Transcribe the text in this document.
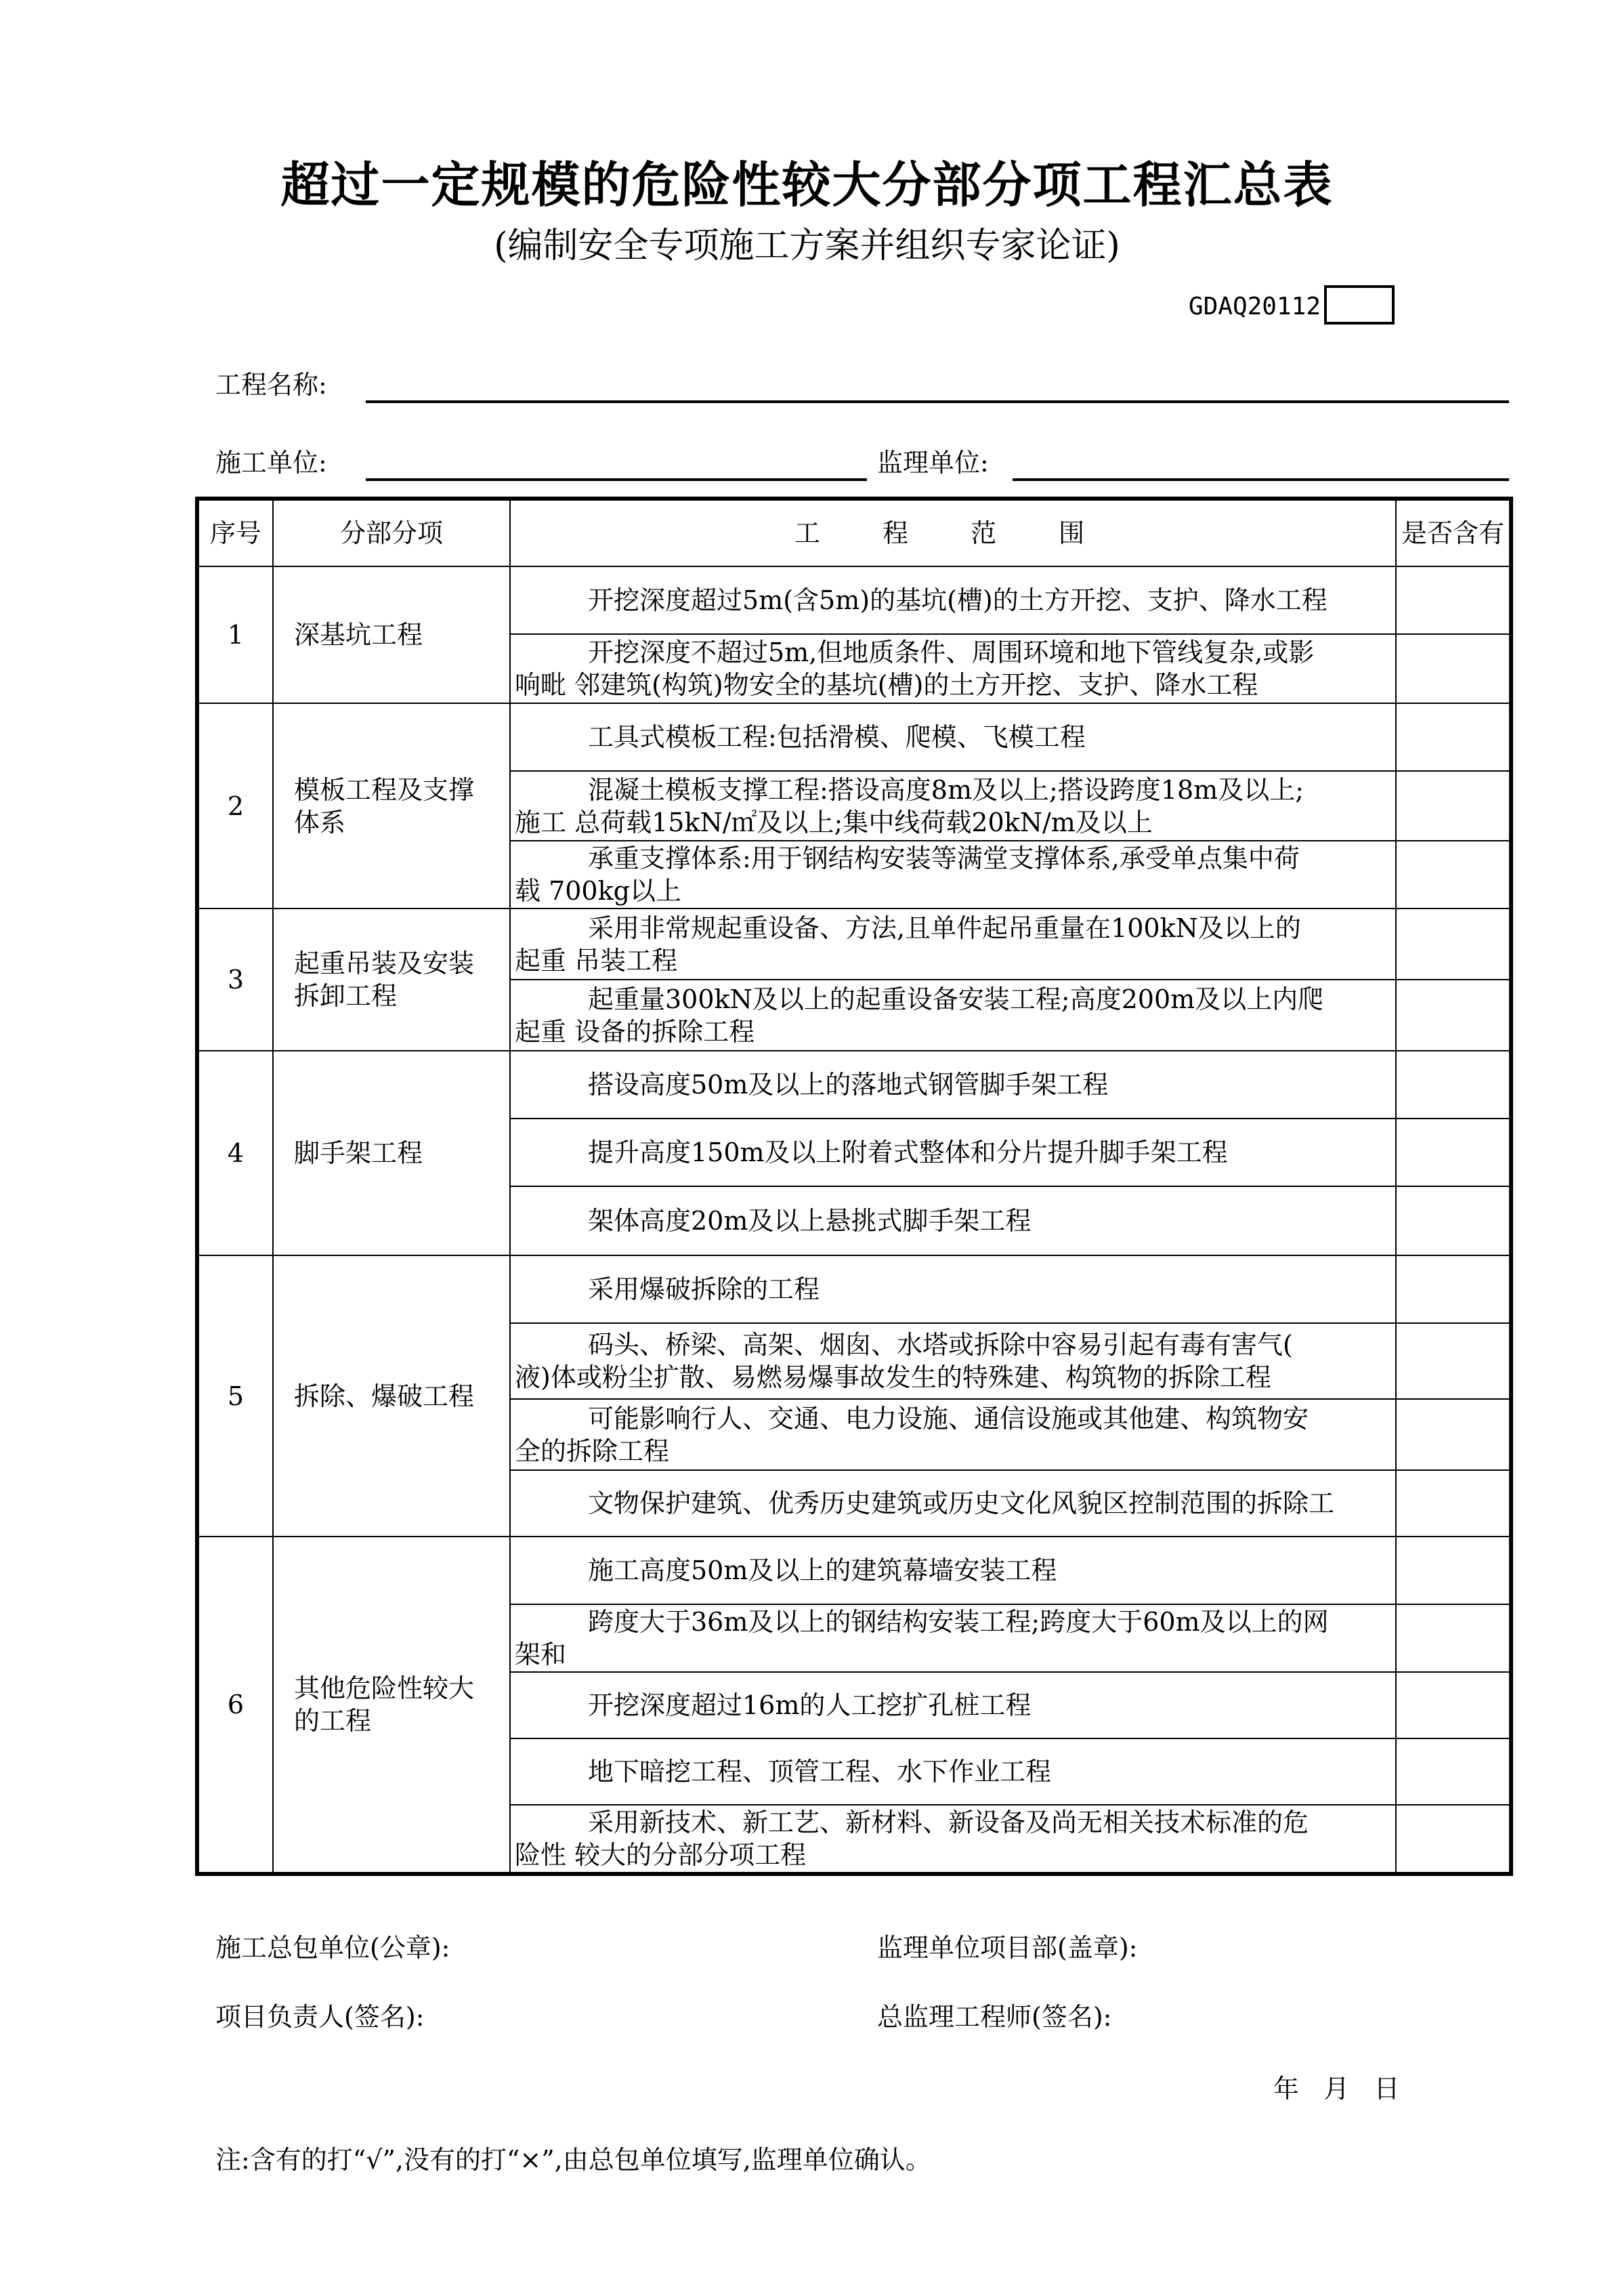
超过一定规模的危险性较大分部分项工程汇总表
(编制安全专项施工方案并组织专家论证)
GDAQ20112
工程名称:
施工单位:	监理单位:
序号	分部分项	工 程 范 围	是否含有
1	深基坑工程	开挖深度超过5m(含5m)的基坑(槽)的土方开挖、支护、降水工程	

		开挖深度不超过5m,但地质条件、周围环境和地下管线复杂,或影
响毗 邻建筑(构筑)物安全的基坑(槽)的土方开挖、支护、降水工程	

2	模板工程及支撑体系	工具式模板工程:包括滑模、爬模、飞模工程	

		混凝土模板支撑工程:搭设高度8m及以上;搭设跨度18m及以上;
施工 总荷载15kN/㎡及以上;集中线荷载20kN/m及以上	

		承重支撑体系:用于钢结构安装等满堂支撑体系,承受单点集中荷
载 700kg以上	

3	起重吊装及安装拆卸工程	采用非常规起重设备、方法,且单件起吊重量在100kN及以上的
起重 吊装工程	

		起重量300kN及以上的起重设备安装工程;高度200m及以上内爬
起重 设备的拆除工程	

4	脚手架工程	搭设高度50m及以上的落地式钢管脚手架工程	

		提升高度150m及以上附着式整体和分片提升脚手架工程	

		架体高度20m及以上悬挑式脚手架工程	

5	拆除、爆破工程	采用爆破拆除的工程	

		码头、桥梁、高架、烟囱、水塔或拆除中容易引起有毒有害气(
液)体或粉尘扩散、易燃易爆事故发生的特殊建、构筑物的拆除工程	

		可能影响行人、交通、电力设施、通信设施或其他建、构筑物安
全的拆除工程	

		文物保护建筑、优秀历史建筑或历史文化风貌区控制范围的拆除工	

6	其他危险性较大的工程	施工高度50m及以上的建筑幕墙安装工程	

		跨度大于36m及以上的钢结构安装工程;跨度大于60m及以上的网
架和	

		开挖深度超过16m的人工挖扩孔桩工程	

		地下暗挖工程、顶管工程、水下作业工程	

		采用新技术、新工艺、新材料、新设备及尚无相关技术标准的危
险性 较大的分部分项工程	

施工总包单位(公章):	监理单位项目部(盖章):
项目负责人(签名):	总监理工程师(签名):
年   月   日
注:含有的打“√”,没有的打“×”,由总包单位填写,监理单位确认。
